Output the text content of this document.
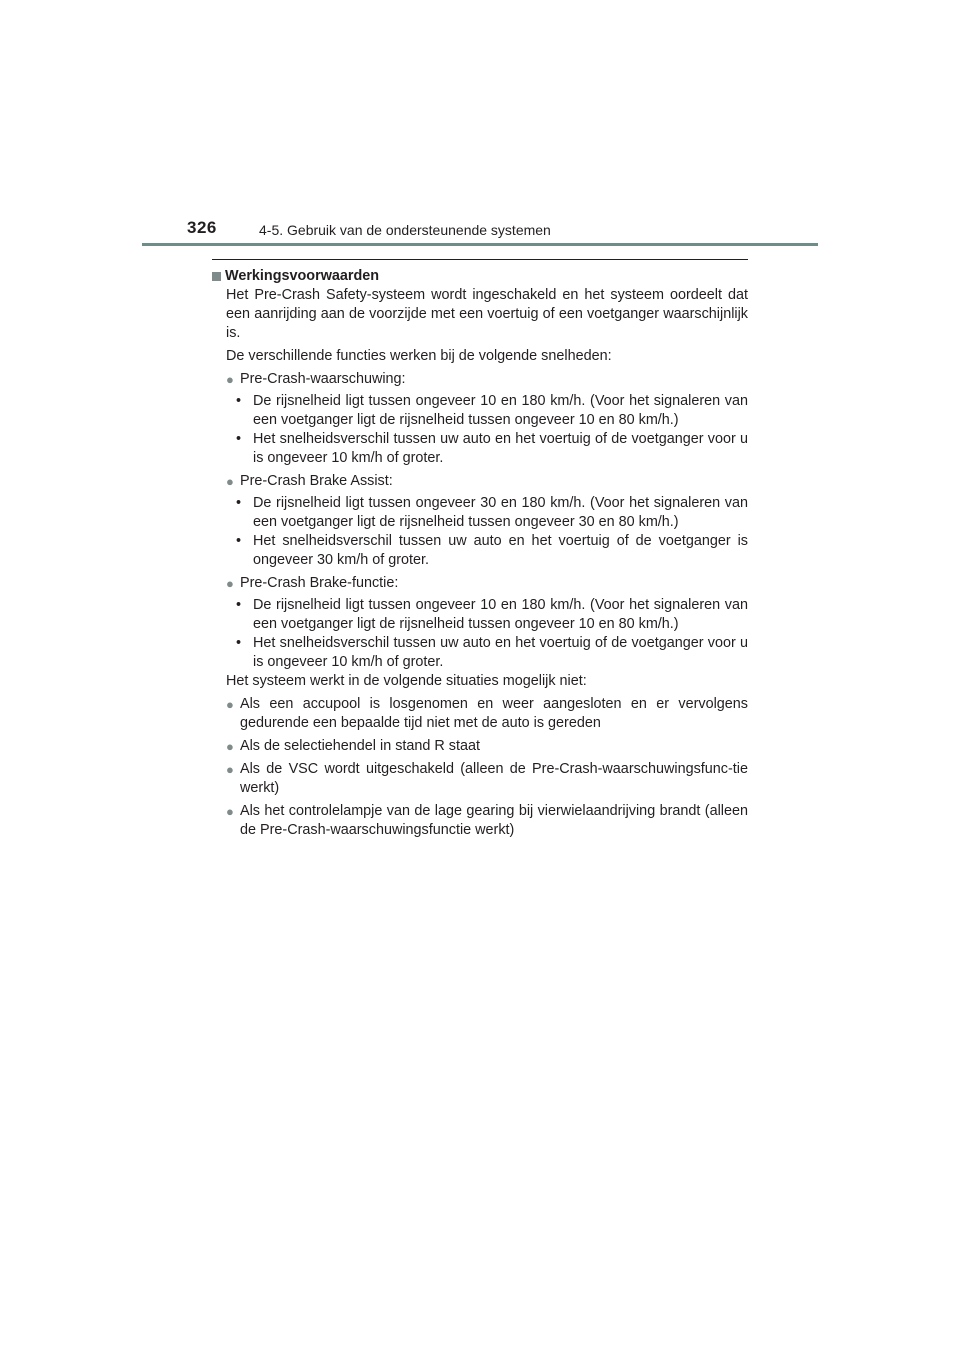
326	4-5. Gebruik van de ondersteunende systemen
Werkingsvoorwaarden
Het Pre-Crash Safety-systeem wordt ingeschakeld en het systeem oordeelt dat een aanrijding aan de voorzijde met een voertuig of een voetganger waarschijnlijk is.
De verschillende functies werken bij de volgende snelheden:
● Pre-Crash-waarschuwing:
• De rijsnelheid ligt tussen ongeveer 10 en 180 km/h. (Voor het signaleren van een voetganger ligt de rijsnelheid tussen ongeveer 10 en 80 km/h.)
• Het snelheidsverschil tussen uw auto en het voertuig of de voetganger voor u is ongeveer 10 km/h of groter.
● Pre-Crash Brake Assist:
• De rijsnelheid ligt tussen ongeveer 30 en 180 km/h. (Voor het signaleren van een voetganger ligt de rijsnelheid tussen ongeveer 30 en 80 km/h.)
• Het snelheidsverschil tussen uw auto en het voertuig of de voetganger is ongeveer 30 km/h of groter.
● Pre-Crash Brake-functie:
• De rijsnelheid ligt tussen ongeveer 10 en 180 km/h. (Voor het signaleren van een voetganger ligt de rijsnelheid tussen ongeveer 10 en 80 km/h.)
• Het snelheidsverschil tussen uw auto en het voertuig of de voetganger voor u is ongeveer 10 km/h of groter.
Het systeem werkt in de volgende situaties mogelijk niet:
● Als een accupool is losgenomen en weer aangesloten en er vervolgens gedurende een bepaalde tijd niet met de auto is gereden
● Als de selectiehendel in stand R staat
● Als de VSC wordt uitgeschakeld (alleen de Pre-Crash-waarschuwingsfunc-tie werkt)
● Als het controlelampje van de lage gearing bij vierwielaandrijving brandt (alleen de Pre-Crash-waarschuwingsfunctie werkt)
